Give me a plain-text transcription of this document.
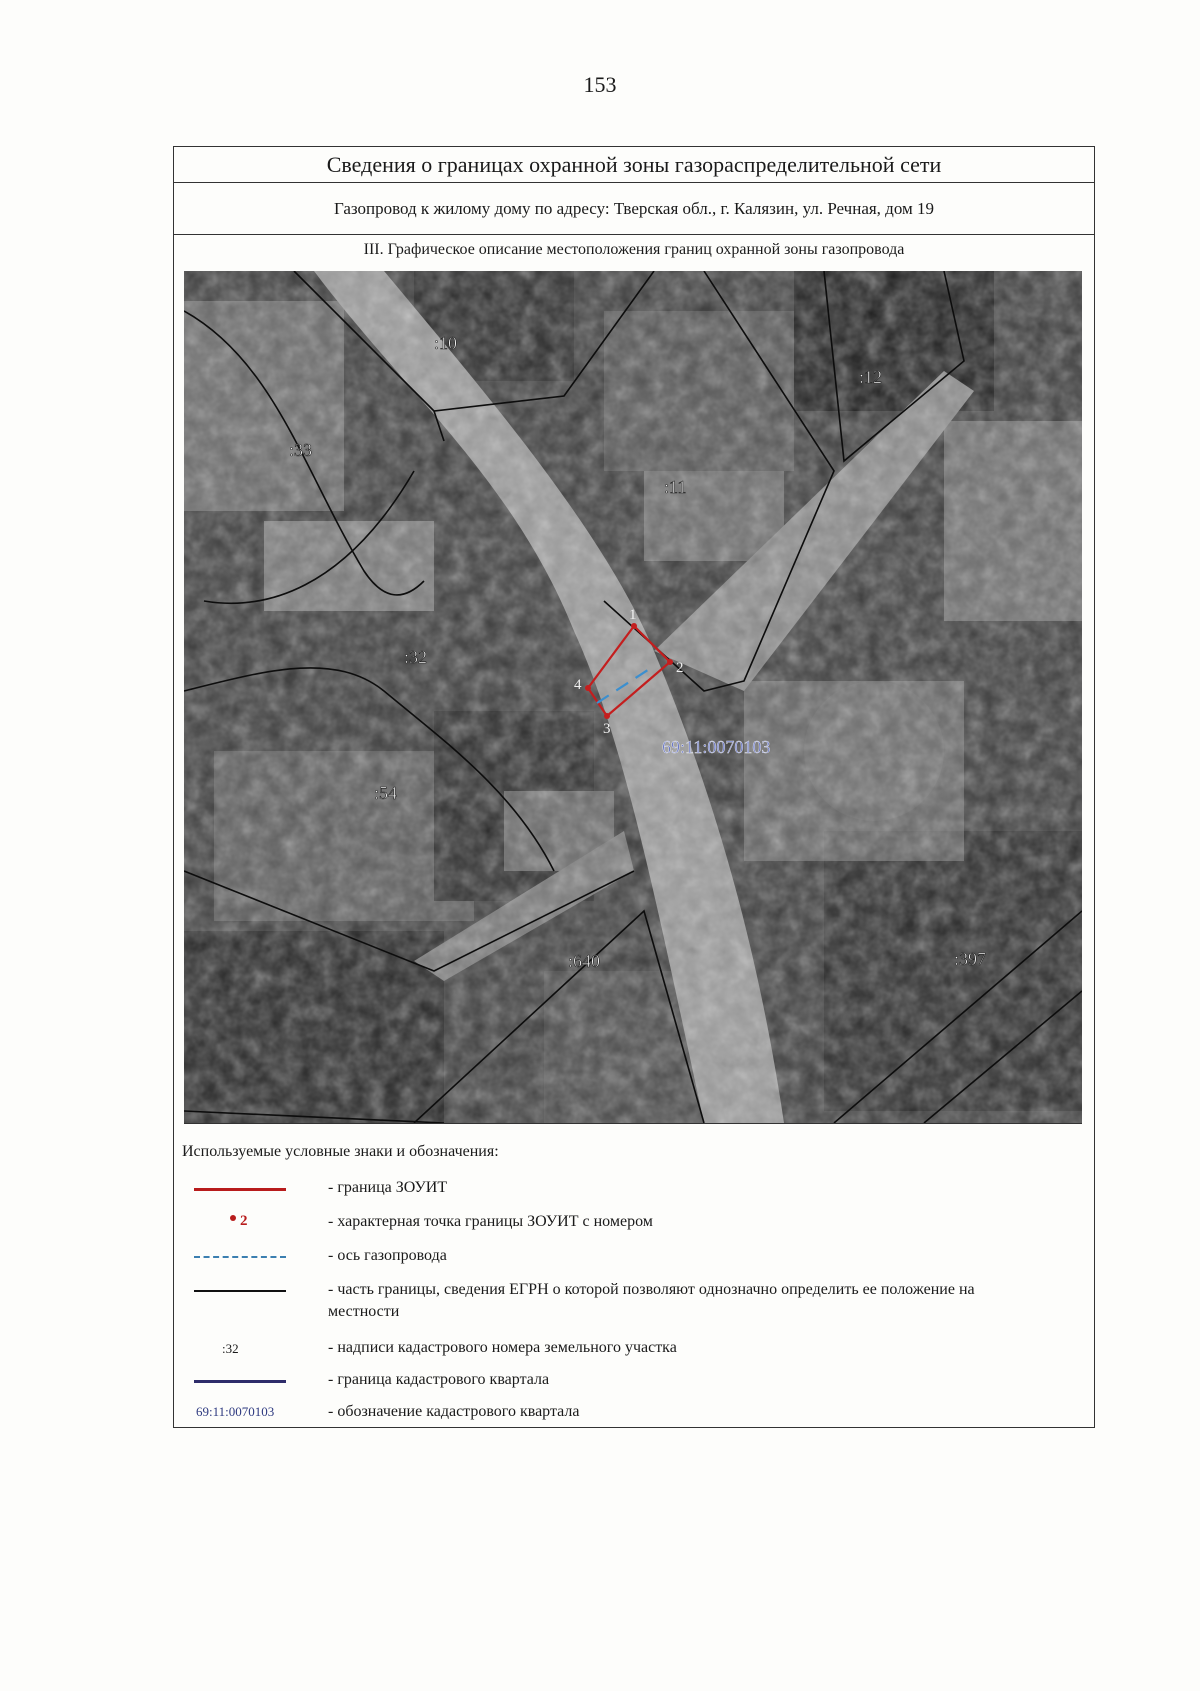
153
Сведения о границах охранной зоны газораспределительной сети
Газопровод к жилому дому по адресу: Тверская обл., г. Калязин, ул. Речная, дом 19
III. Графическое описание местоположения границ охранной зоны газопровода
1
2
3
4
:10
:12
:33
:11
:32
:54
:640	:397
69:11:0070103
Используемые условные знаки и обозначения:
- граница ЗОУИТ
2	- характерная точка границы ЗОУИТ с номером
- ось газопровода
- часть границы, сведения ЕГРН о которой позволяют однозначно определить ее положение на местности
:32	- надписи кадастрового номера земельного участка
- граница кадастрового квартала
69:11:0070103	- обозначение кадастрового квартала
